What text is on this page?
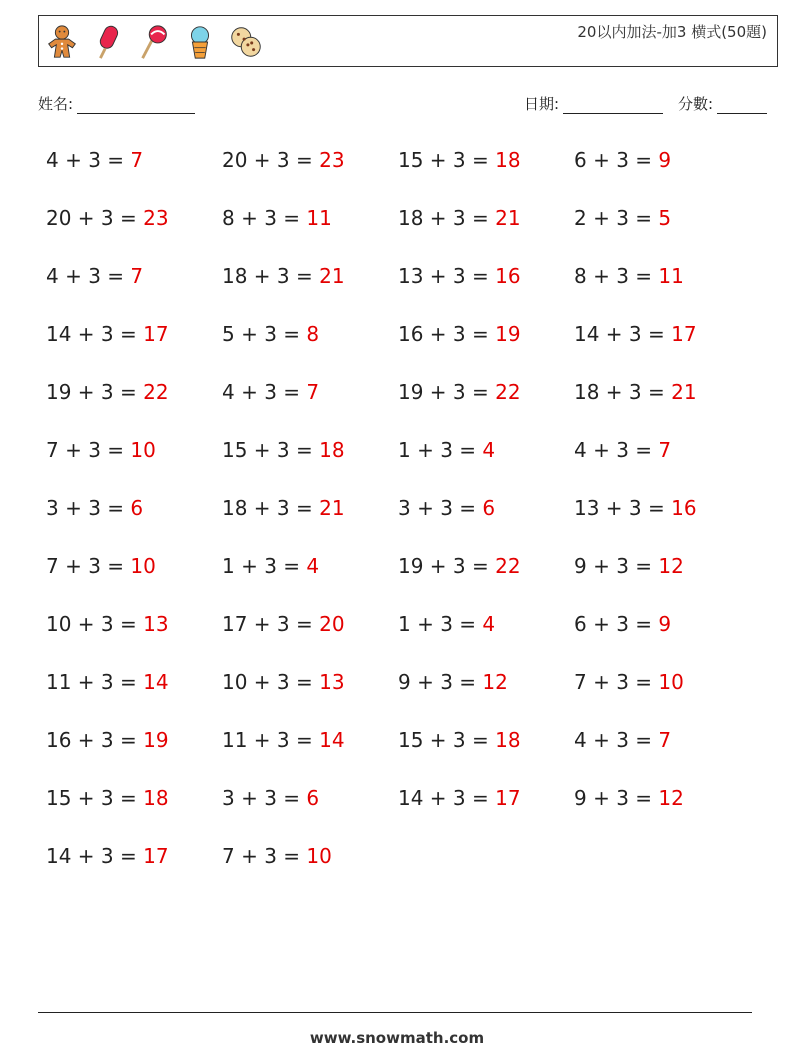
20以内加法-加3 横式(50題)
姓名:	日期:	分數:
4 + 3 = 7	20 + 3 = 23	15 + 3 = 18	6 + 3 = 9
20 + 3 = 23	8 + 3 = 11	18 + 3 = 21	2 + 3 = 5
4 + 3 = 7	18 + 3 = 21	13 + 3 = 16	8 + 3 = 11
14 + 3 = 17	5 + 3 = 8	16 + 3 = 19	14 + 3 = 17
19 + 3 = 22	4 + 3 = 7	19 + 3 = 22	18 + 3 = 21
7 + 3 = 10	15 + 3 = 18	1 + 3 = 4	4 + 3 = 7
3 + 3 = 6	18 + 3 = 21	3 + 3 = 6	13 + 3 = 16
7 + 3 = 10	1 + 3 = 4	19 + 3 = 22	9 + 3 = 12
10 + 3 = 13	17 + 3 = 20	1 + 3 = 4	6 + 3 = 9
11 + 3 = 14	10 + 3 = 13	9 + 3 = 12	7 + 3 = 10
16 + 3 = 19	11 + 3 = 14	15 + 3 = 18	4 + 3 = 7
15 + 3 = 18	3 + 3 = 6	14 + 3 = 17	9 + 3 = 12
14 + 3 = 17	7 + 3 = 10
www.snowmath.com
